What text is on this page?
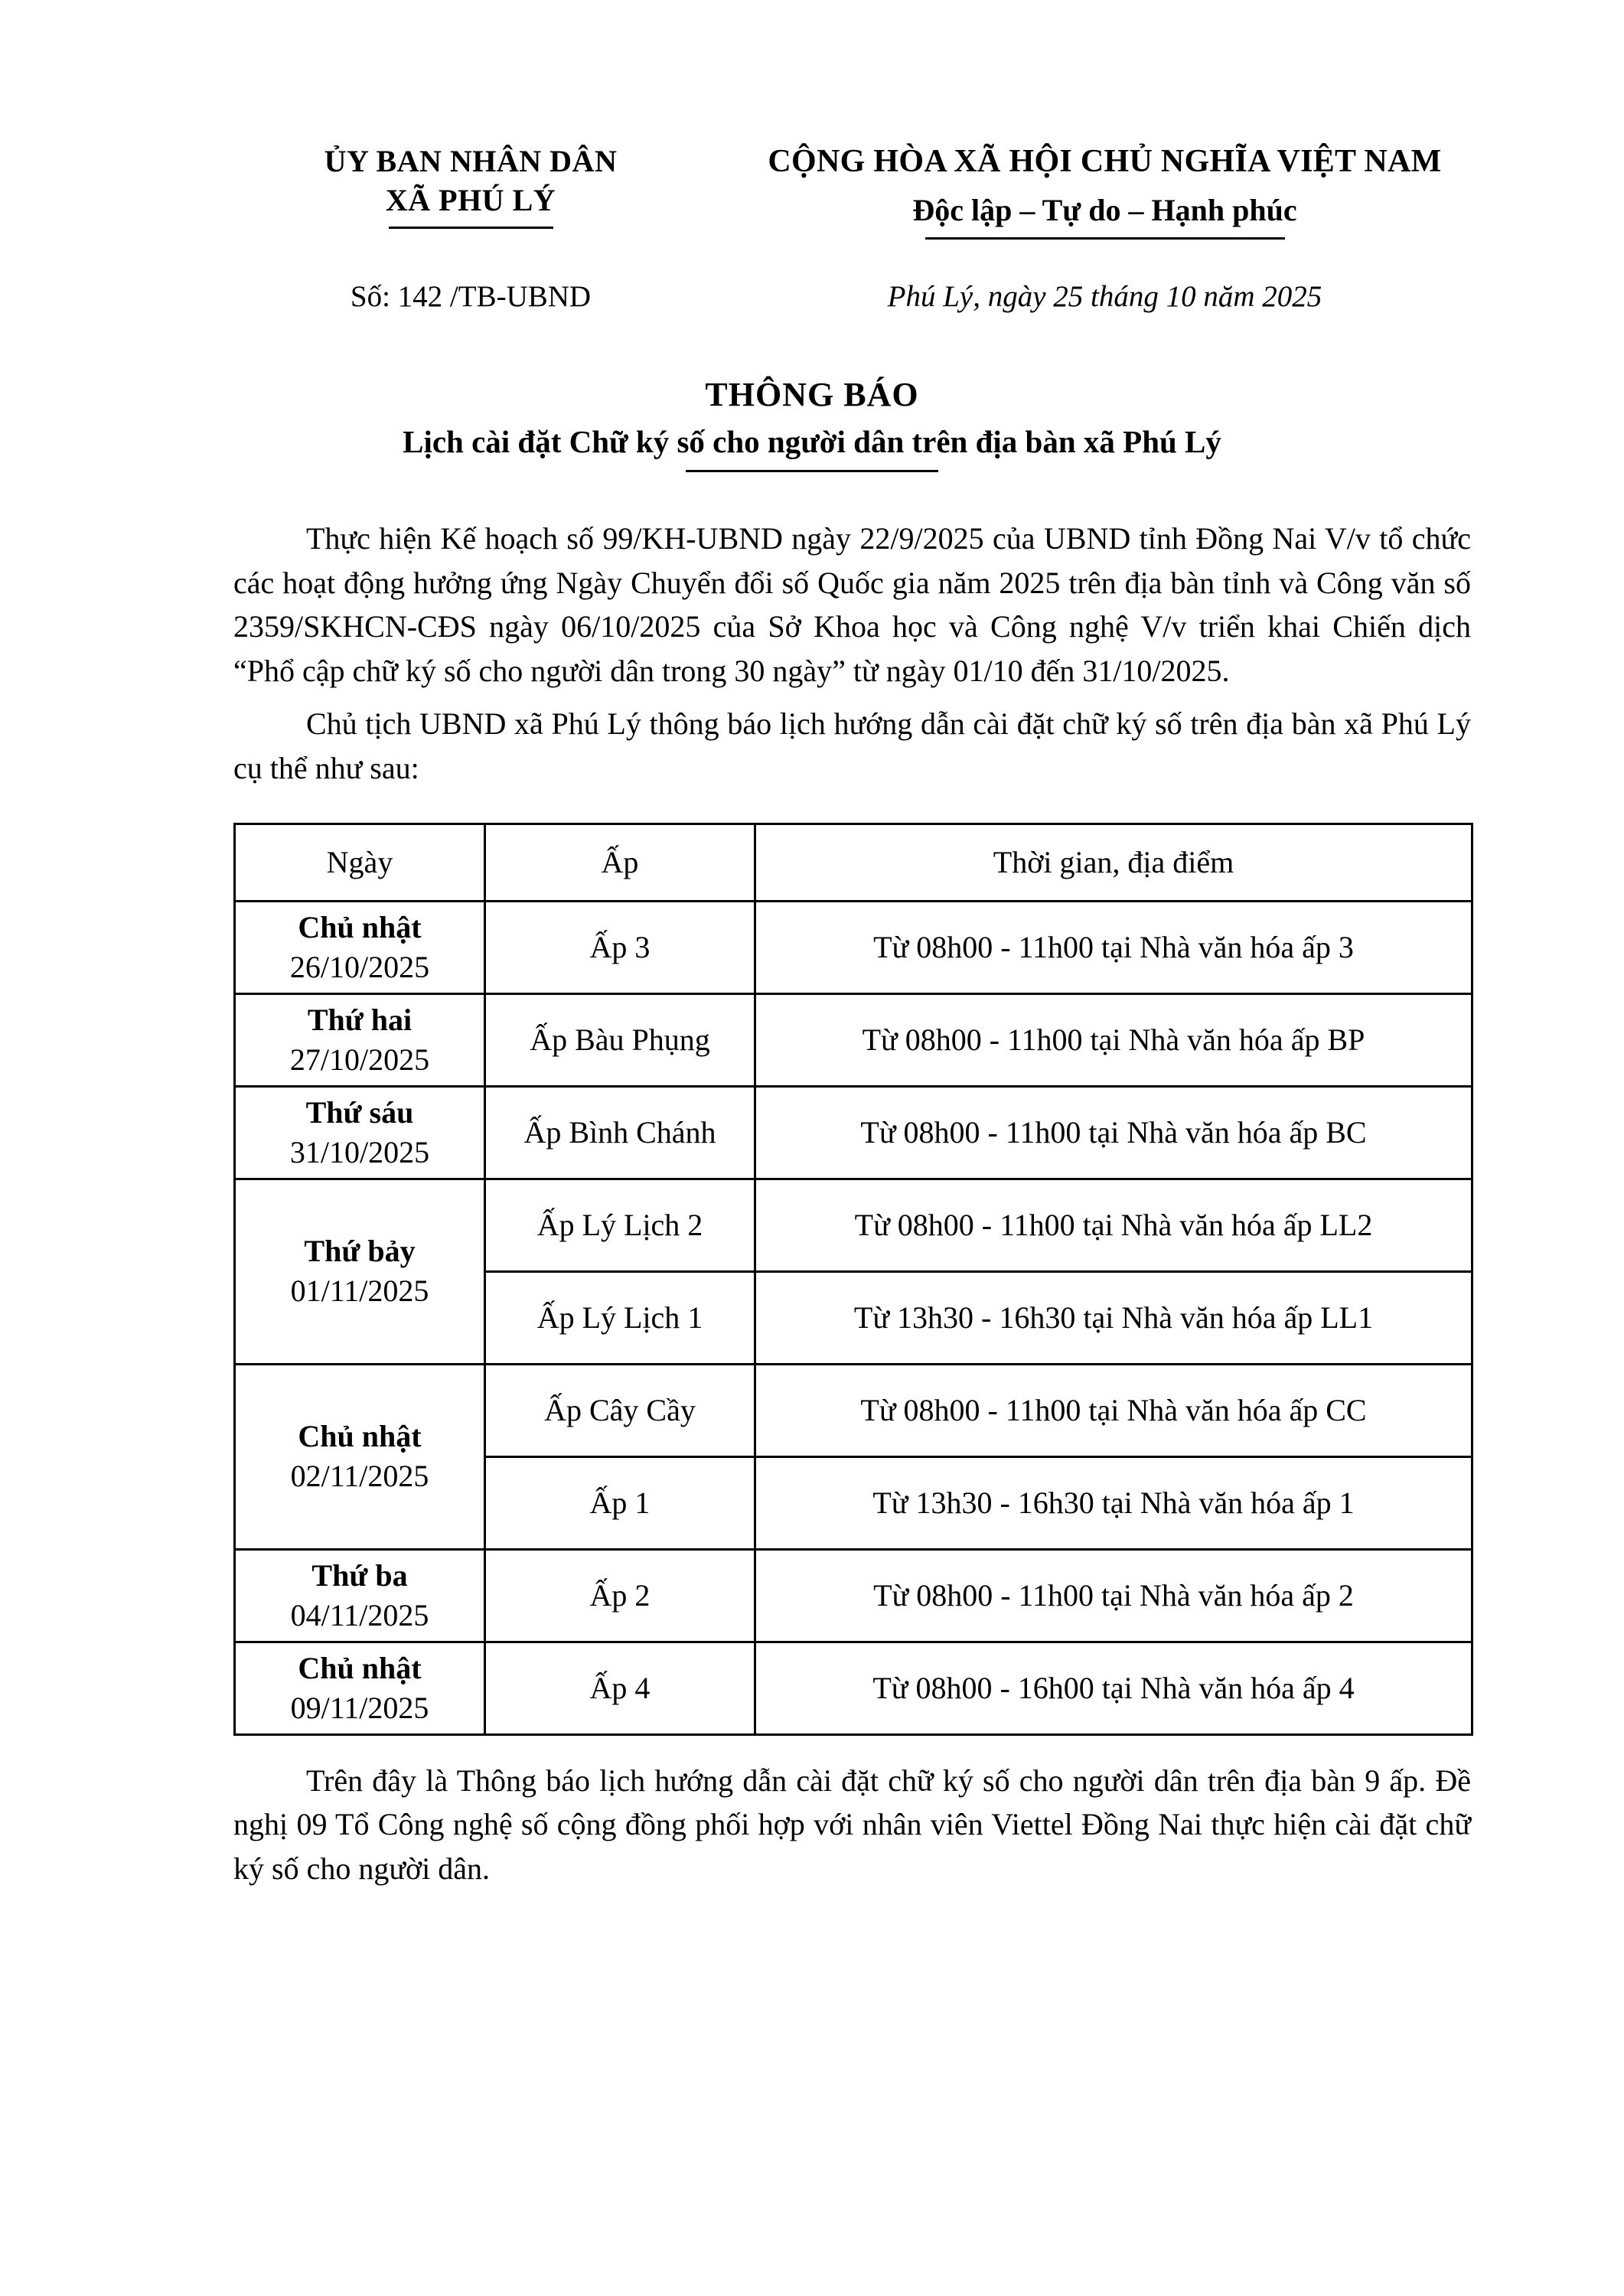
ỦY BAN NHÂN DÂN
XÃ PHÚ LÝ
CỘNG HÒA XÃ HỘI CHỦ NGHĨA VIỆT NAM
Độc lập – Tự do – Hạnh phúc
Số: 142 /TB-UBND	Phú Lý, ngày 25 tháng 10 năm 2025
THÔNG BÁO
Lịch cài đặt Chữ ký số cho người dân trên địa bàn xã Phú Lý

Thực hiện Kế hoạch số 99/KH-UBND ngày 22/9/2025 của UBND tỉnh Đồng Nai V/v tổ chức các hoạt động hưởng ứng Ngày Chuyển đổi số Quốc gia năm 2025 trên địa bàn tỉnh và Công văn số 2359/SKHCN-CĐS ngày 06/10/2025 của Sở Khoa học và Công nghệ V/v triển khai Chiến dịch “Phổ cập chữ ký số cho người dân trong 30 ngày” từ ngày 01/10 đến 31/10/2025.

Chủ tịch UBND xã Phú Lý thông báo lịch hướng dẫn cài đặt chữ ký số trên địa bàn xã Phú Lý cụ thể như sau:

Ngày	Ấp	Thời gian, địa điểm

Chủ nhật
26/10/2025	Ấp 3	Từ 08h00 - 11h00 tại Nhà văn hóa ấp 3

Thứ hai
27/10/2025	Ấp Bàu Phụng	Từ 08h00 - 11h00 tại Nhà văn hóa ấp BP

Thứ sáu
31/10/2025	Ấp Bình Chánh	Từ 08h00 - 11h00 tại Nhà văn hóa ấp BC

Thứ bảy
01/11/2025	Ấp Lý Lịch 2	Từ 08h00 - 11h00 tại Nhà văn hóa ấp LL2
	Ấp Lý Lịch 1	Từ 13h30 - 16h30 tại Nhà văn hóa ấp LL1

Chủ nhật
02/11/2025	Ấp Cây Cầy	Từ 08h00 - 11h00 tại Nhà văn hóa ấp CC
	Ấp 1	Từ 13h30 - 16h30 tại Nhà văn hóa ấp 1

Thứ ba
04/11/2025	Ấp 2	Từ 08h00 - 11h00 tại Nhà văn hóa ấp 2

Chủ nhật
09/11/2025	Ấp 4	Từ 08h00 - 16h00 tại Nhà văn hóa ấp 4

Trên đây là Thông báo lịch hướng dẫn cài đặt chữ ký số cho người dân trên địa bàn 9 ấp. Đề nghị 09 Tổ Công nghệ số cộng đồng phối hợp với nhân viên Viettel Đồng Nai thực hiện cài đặt chữ ký số cho người dân.
